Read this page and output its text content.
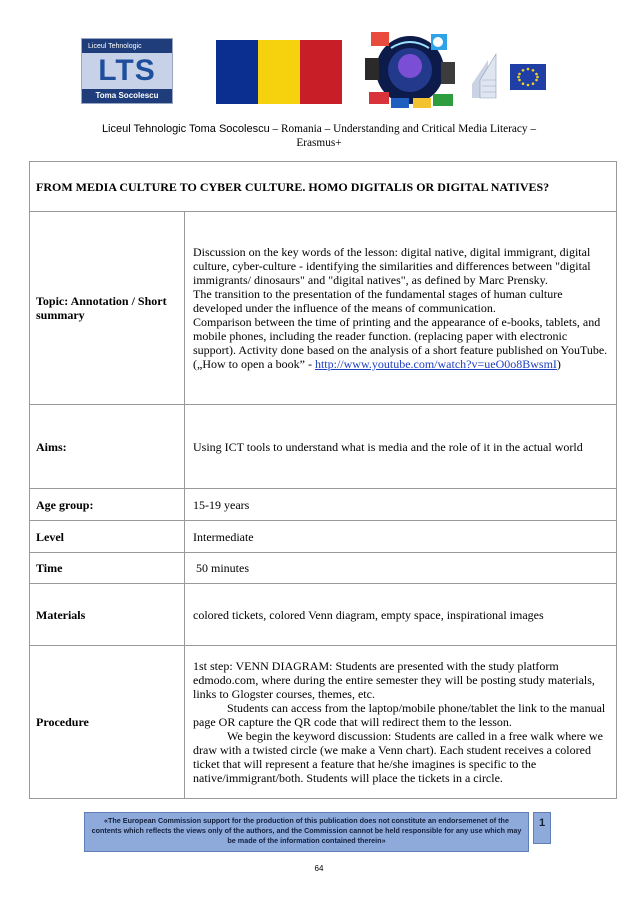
Liceul Tehnologic
LTS
Toma Socolescu
Liceul Tehnologic Toma Socolescu – Romania – Understanding and Critical Media Literacy –
Erasmus+
FROM MEDIA CULTURE TO CYBER CULTURE. HOMO DIGITALIS OR DIGITAL NATIVES?	
Topic: Annotation / Short summary	Discussion on the key words of the lesson: digital native, digital immigrant, digital culture, cyber-culture - identifying the similarities and differences between "digital immigrants/ dinosaurs" and "digital natives", as defined by Marc Prensky.
The transition to the presentation of the fundamental stages of human culture developed under the influence of the means of communication.
Comparison between the time of printing and the appearance of e-books, tablets, and mobile phones, including the reader function. (replacing paper with electronic support). Activity done based on the analysis of a short feature published on YouTube.
(„How to open a book” - http://www.youtube.com/watch?v=ueO0o8BwsmI)

Aims:	Using ICT tools to understand what is media and the role of it in the actual world
Age group:	15-19 years
Level	Intermediate
Time	50 minutes
Materials	colored tickets, colored Venn diagram, empty space, inspirational images
Procedure	1st step: VENN DIAGRAM: Students are presented with the study platform edmodo.com, where during the entire semester they will be posting study materials, links to Glogster courses, themes, etc.
Students can access from the laptop/mobile phone/tablet the link to the manual page OR capture the QR code that will redirect them to the lesson.
We begin the keyword discussion: Students are called in a free walk where we draw with a twisted circle (we make a Venn chart). Each student receives a colored ticket that will represent a feature that he/she imagines is specific to the native/immigrant/both. Students will place the tickets in a circle.
«The European Commission support for the production of this publication does not constitute an endorsemenet of the contents which reflects the views only of the authors, and the Commission cannot be held responsible for any use which may be made of the information contained therein»
1
64
